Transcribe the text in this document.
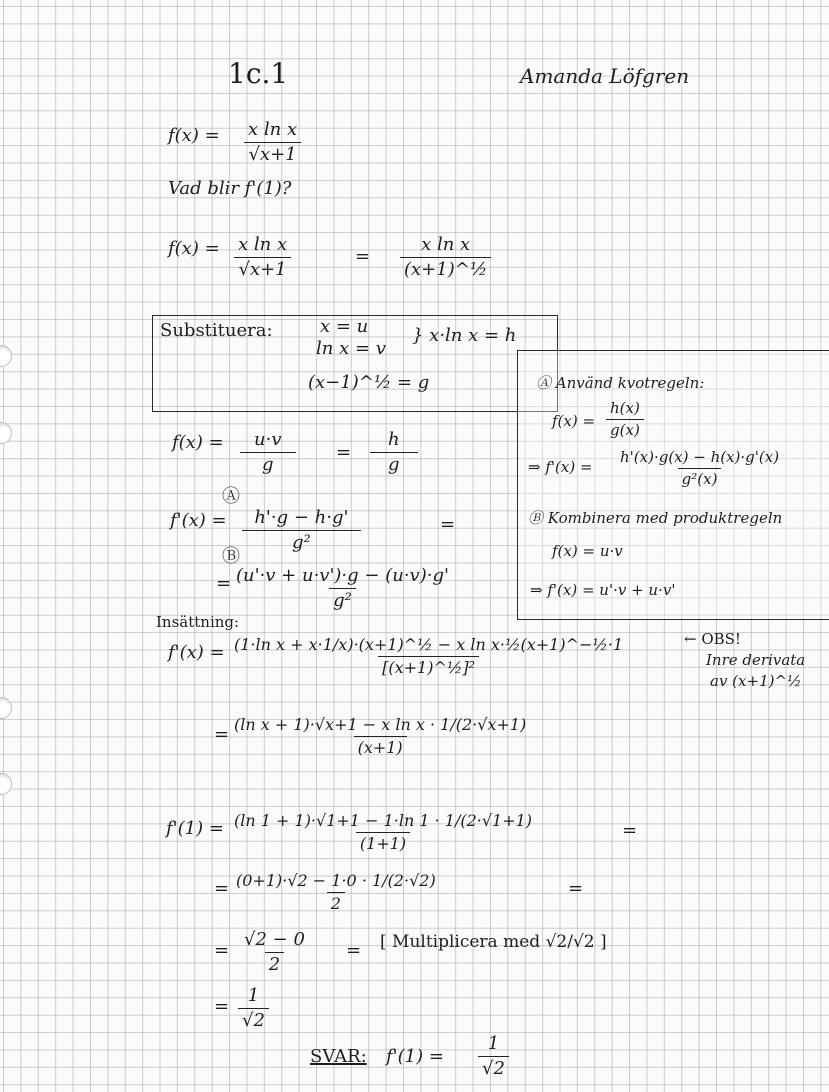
1c.1	Amanda Löfgren
$f(x) = \frac{\text{x ln x}}{√x+1}$
Vad blir f'(1)?
$f(x) = \frac{\text{x ln x}}{√x+1}$	= $\frac{\text{x ln x}}{\text{(x+1)\textasciicircum{}½}}$
Substituera:	x = u
ln x = v
} x·ln x = h
(x−1)^½ = g	Ⓐ Använd kvotregeln:
$f(x) = \frac{h(x)}{g(x)}$
⇒ $f'(x) = \frac{h'(x)\cdot g(x) - h(x)\cdot g'(x)}{\text{g²(x)}}$
Ⓑ Kombinera med produktregeln
f(x) = u·v
⇒ f'(x) = u'·v + u·v'
$f(x) = \frac{u\cdot v}{g} = \frac{h}{g}$
Ⓐ
$f'(x) = \frac{h'\cdot g - h\cdot g'}{\text{g²}}$	=
Ⓑ
= $\frac{(u'\cdot v + u\cdot v')\cdot g - (u\cdot v)\cdot g'}{\text{g²}}$
Insättning:
$f'(x) = \frac{\text{(1·ln x + x·1/x)·(x+1)\textasciicircum{}½ − x ln x·½(x+1)\textasciicircum{}−½·1}}{\text{[(x+1)\textasciicircum{}½]²}}$	← OBS!
Inre derivata
av (x+1)^½
= $\frac{\text{(ln x + 1)·√x+1 − x ln x · 1/(2·√x+1)}}{(x+1)}$
$f'(1) = \frac{(\ln 1 + 1)\cdot√1+1 - 1\cdot\ln 1 \cdot 1/(2\cdot√1+1)}{(1+1)}$	=
= $\frac{(0+1)\cdot√2 - 1\cdot 0 \cdot 1/(2\cdot√2)}{2}$	=
= $\frac{√2 - 0}{2}$ = [ Multiplicera med √2/√2 ]
= $\frac{1}{√2}$
SVAR: $f'(1) = \frac{1}{√2}$
